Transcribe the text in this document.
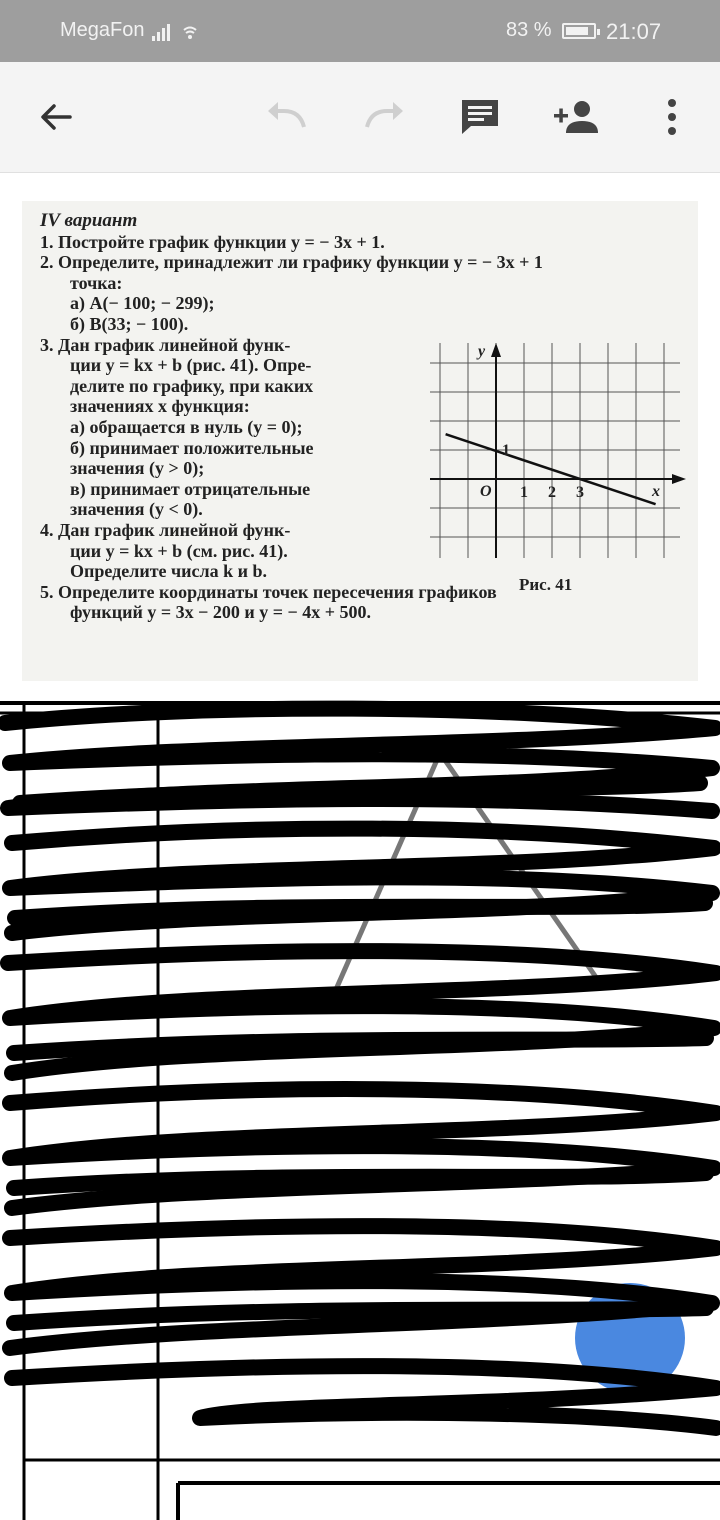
MegaFon	83 % 21:07
IV вариант
1. Постройте график функции y = − 3x + 1.
2. Определите, принадлежит ли графику функции y = − 3x + 1
точка:
а) A(− 100; − 299);
б) B(33; − 100).
3. Дан график линейной функ-
ции y = kx + b (рис. 41). Опре-
делите по графику, при каких
значениях x функция:
а) обращается в нуль (y = 0);
б) принимает положительные
значения (y > 0);
в) принимает отрицательные
значения (y < 0).
4. Дан график линейной функ-
ции y = kx + b (см. рис. 41).
Определите числа k и b.
5. Определите координаты точек пересечения графиков
функций y = 3x − 200 и y = − 4x + 500.
y
1
O 1 2 3	x
Рис. 41
